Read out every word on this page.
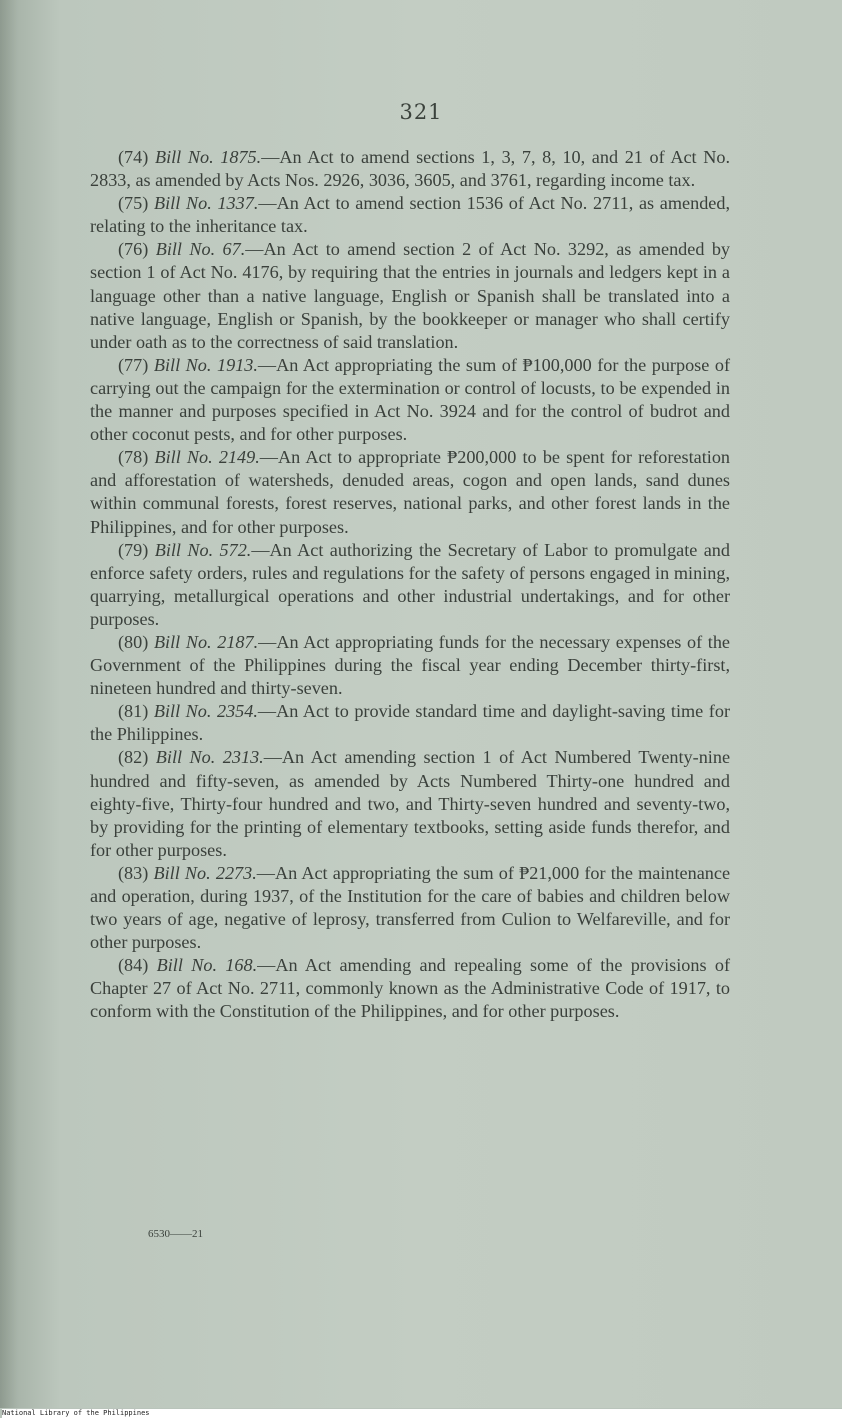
321

(74) Bill No. 1875.—An Act to amend sections 1, 3, 7, 8, 10, and 21 of Act No. 2833, as amended by Acts Nos. 2926, 3036, 3605, and 3761, regarding income tax.

(75) Bill No. 1337.—An Act to amend section 1536 of Act No. 2711, as amended, relating to the inheritance tax.

(76) Bill No. 67.—An Act to amend section 2 of Act No. 3292, as amended by section 1 of Act No. 4176, by requiring that the entries in journals and ledgers kept in a language other than a native language, English or Spanish shall be translated into a native language, English or Spanish, by the bookkeeper or manager who shall certify under oath as to the correctness of said translation.

(77) Bill No. 1913.—An Act appropriating the sum of ₱100,000 for the purpose of carrying out the campaign for the extermination or control of locusts, to be expended in the manner and purposes specified in Act No. 3924 and for the control of budrot and other coconut pests, and for other purposes.

(78) Bill No. 2149.—An Act to appropriate ₱200,000 to be spent for reforestation and afforestation of watersheds, denuded areas, cogon and open lands, sand dunes within communal forests, forest reserves, national parks, and other forest lands in the Philippines, and for other purposes.

(79) Bill No. 572.—An Act authorizing the Secretary of Labor to promulgate and enforce safety orders, rules and regulations for the safety of persons engaged in mining, quarrying, metallurgical operations and other industrial undertakings, and for other purposes.

(80) Bill No. 2187.—An Act appropriating funds for the necessary expenses of the Government of the Philippines during the fiscal year ending December thirty-first, nineteen hundred and thirty-seven.

(81) Bill No. 2354.—An Act to provide standard time and daylight-saving time for the Philippines.

(82) Bill No. 2313.—An Act amending section 1 of Act Numbered Twenty-nine hundred and fifty-seven, as amended by Acts Numbered Thirty-one hundred and eighty-five, Thirty-four hundred and two, and Thirty-seven hundred and seventy-two, by providing for the printing of elementary textbooks, setting aside funds therefor, and for other purposes.

(83) Bill No. 2273.—An Act appropriating the sum of ₱21,000 for the maintenance and operation, during 1937, of the Institution for the care of babies and children below two years of age, negative of leprosy, transferred from Culion to Welfareville, and for other purposes.

(84) Bill No. 168.—An Act amending and repealing some of the provisions of Chapter 27 of Act No. 2711, commonly known as the Administrative Code of 1917, to conform with the Constitution of the Philippines, and for other purposes.

6530——21
National Library of the Philippines
